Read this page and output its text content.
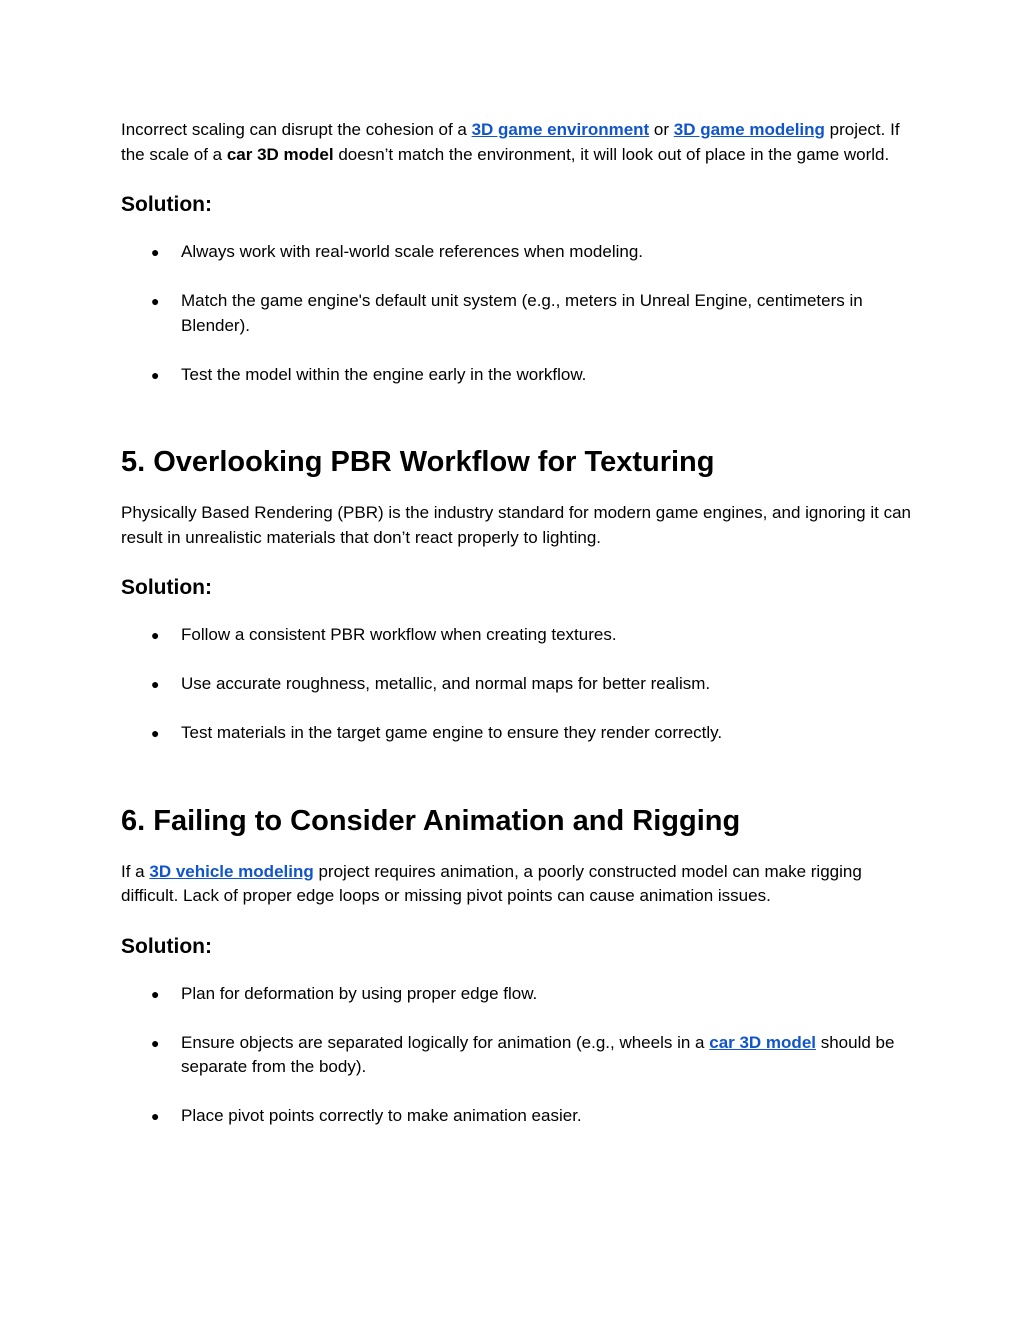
Incorrect scaling can disrupt the cohesion of a 3D game environment or 3D game modeling project. If the scale of a car 3D model doesn’t match the environment, it will look out of place in the game world.

Solution:
● Always work with real-world scale references when modeling.
● Match the game engine's default unit system (e.g., meters in Unreal Engine, centimeters in Blender).
● Test the model within the engine early in the workflow.
5. Overlooking PBR Workflow for Texturing

Physically Based Rendering (PBR) is the industry standard for modern game engines, and ignoring it can result in unrealistic materials that don’t react properly to lighting.

Solution:
● Follow a consistent PBR workflow when creating textures.
● Use accurate roughness, metallic, and normal maps for better realism.
● Test materials in the target game engine to ensure they render correctly.
6. Failing to Consider Animation and Rigging

If a 3D vehicle modeling project requires animation, a poorly constructed model can make rigging difficult. Lack of proper edge loops or missing pivot points can cause animation issues.

Solution:
● Plan for deformation by using proper edge flow.
● Ensure objects are separated logically for animation (e.g., wheels in a car 3D model should be separate from the body).
● Place pivot points correctly to make animation easier.
